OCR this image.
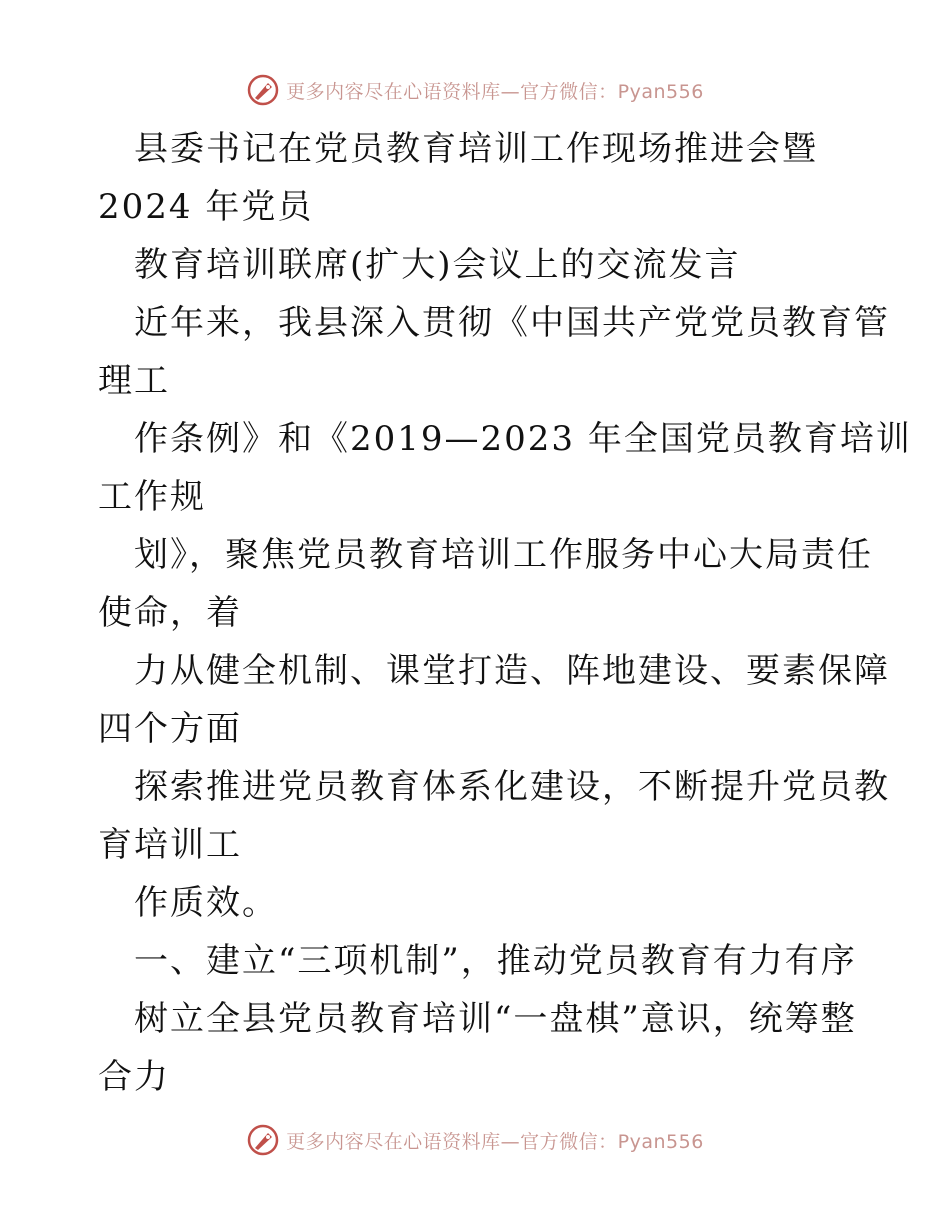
更多内容尽在心语资料库—官方微信：Pyan556
县委书记在党员教育培训工作现场推进会暨
2024 年党员
教育培训联席(扩大)会议上的交流发言
近年来，我县深入贯彻《中国共产党党员教育管
理工
作条例》和《2019—2023 年全国党员教育培训
工作规
划》，聚焦党员教育培训工作服务中心大局责任
使命，着
力从健全机制、课堂打造、阵地建设、要素保障
四个方面
探索推进党员教育体系化建设，不断提升党员教
育培训工
作质效。
一、建立“三项机制”，推动党员教育有力有序
树立全县党员教育培训“一盘棋”意识，统筹整
合力
更多内容尽在心语资料库—官方微信：Pyan556
